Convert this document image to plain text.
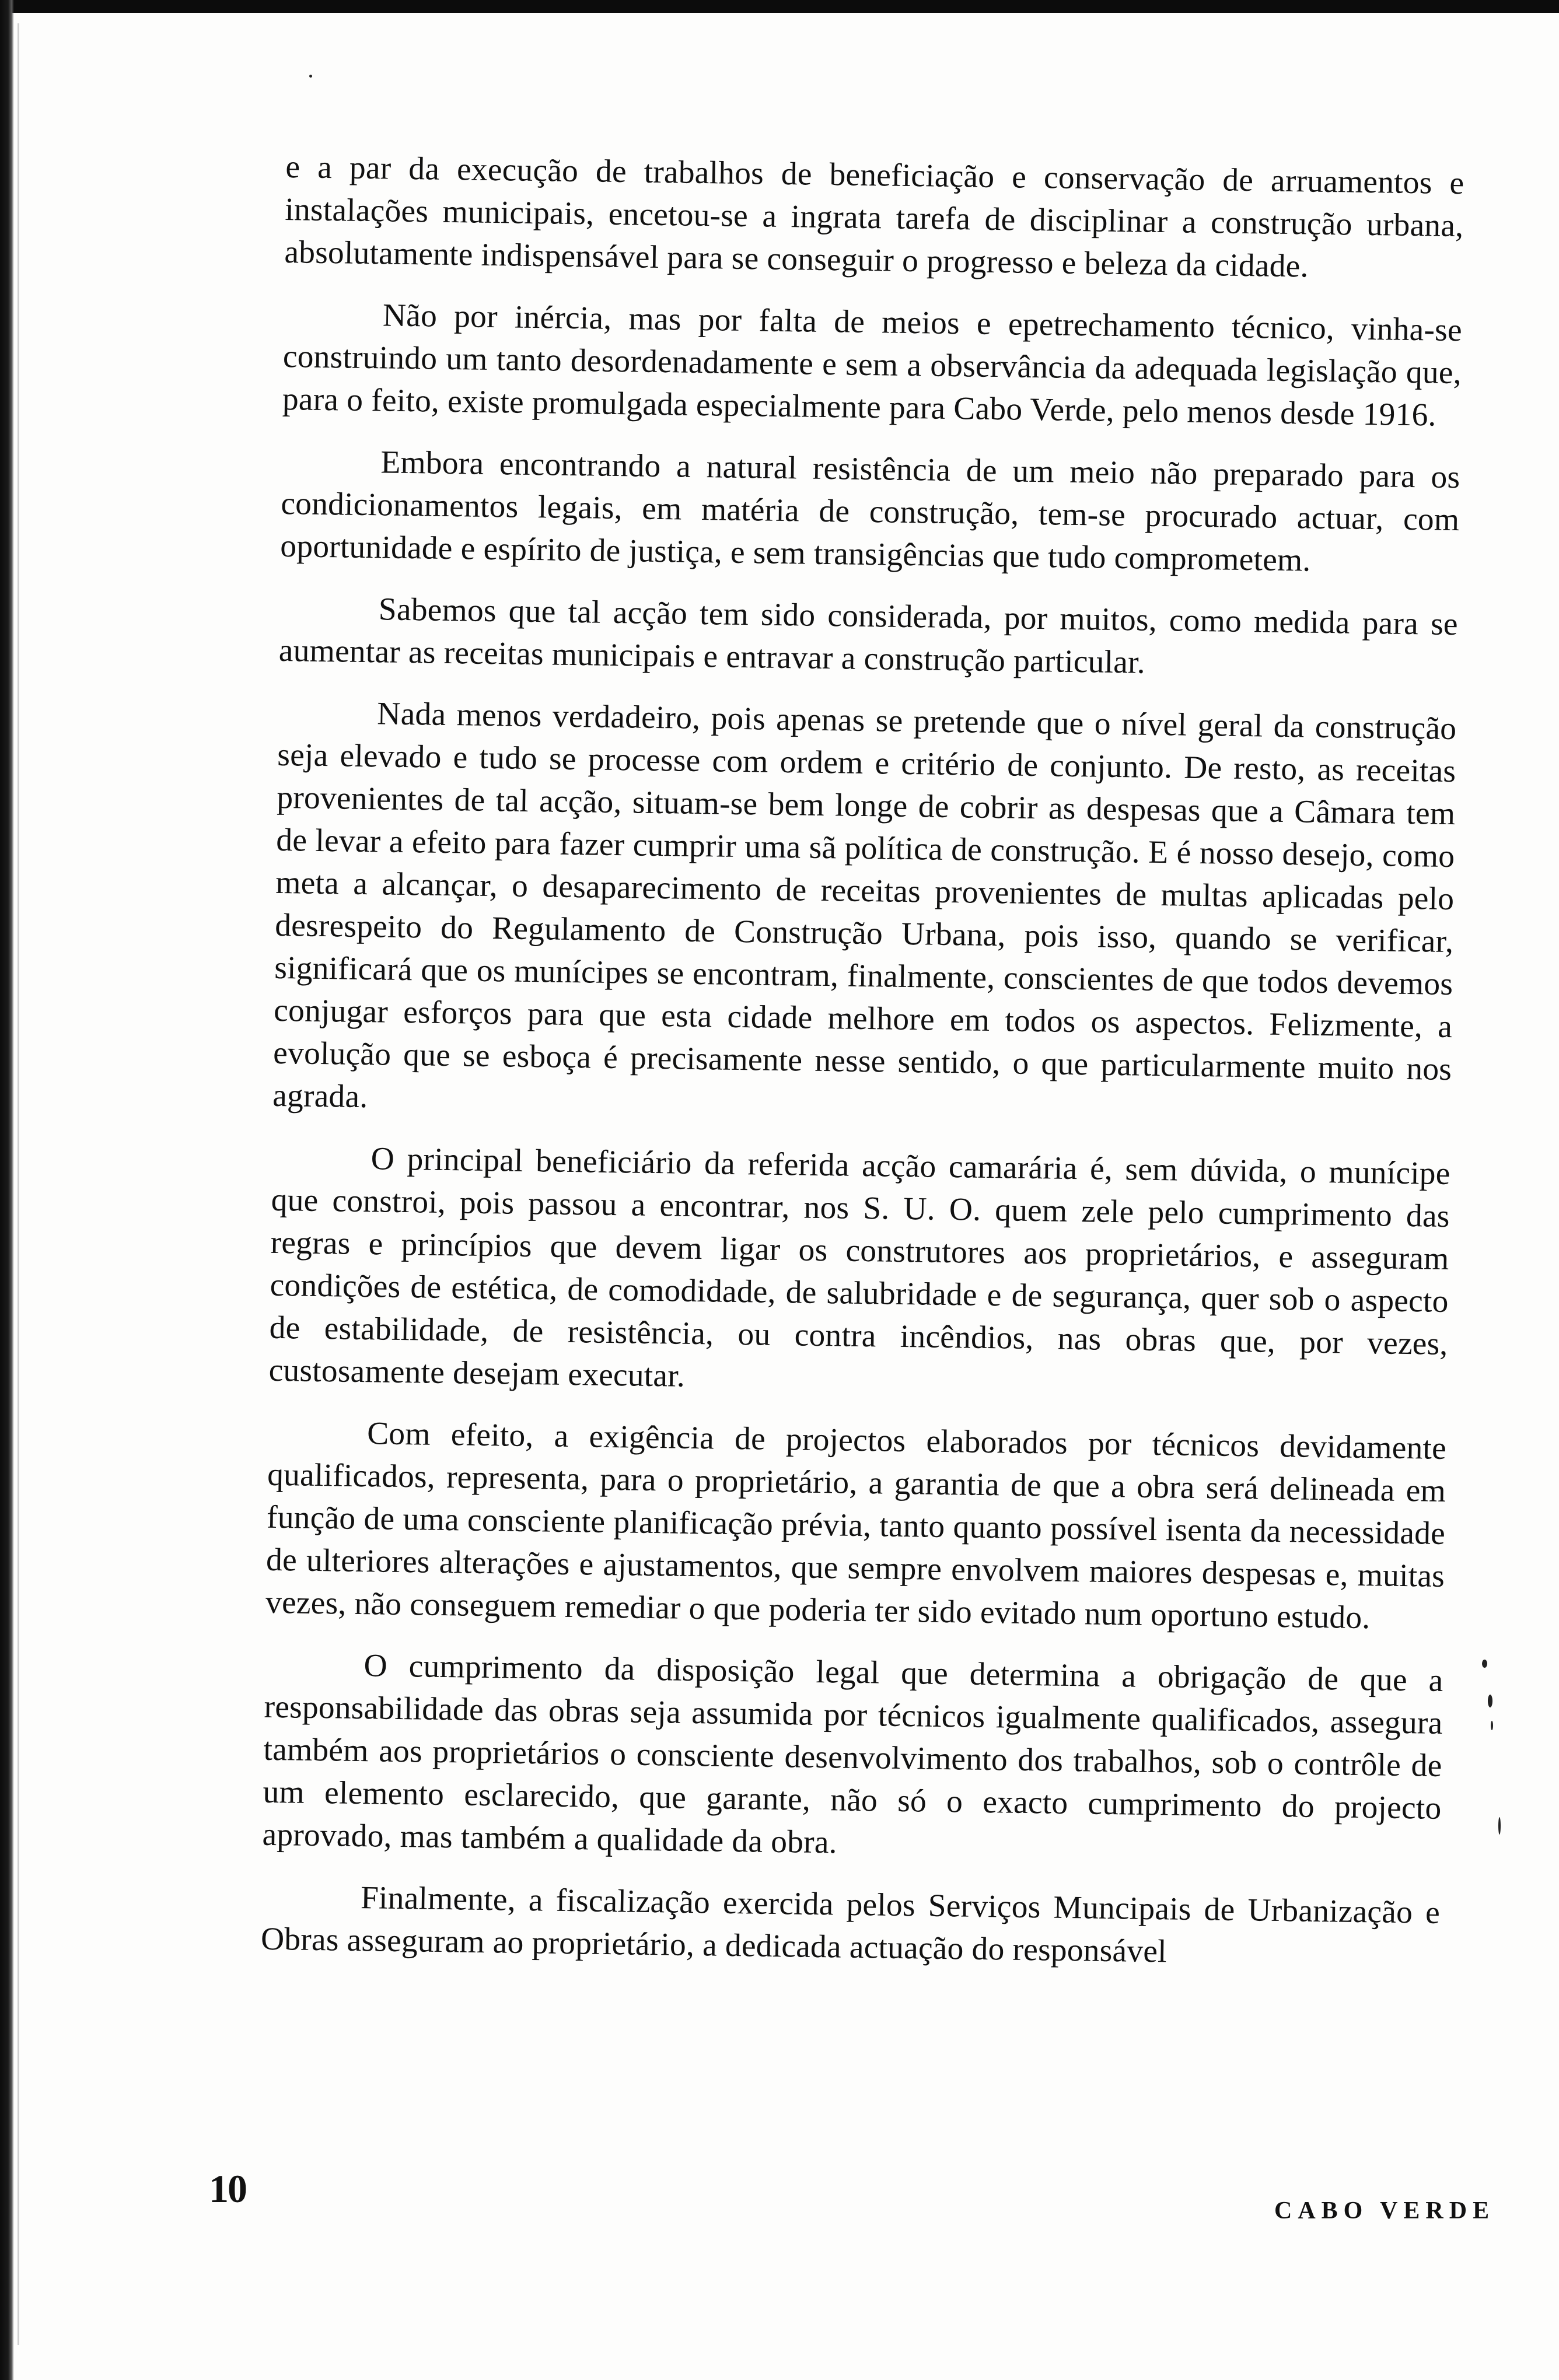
e a par da execução de trabalhos de beneficiação e conservação de arruamentos e instalações municipais, encetou-se a ingrata tarefa de disciplinar a construção urbana, absolutamente indispensável para se conseguir o progresso e beleza da cidade.

Não por inércia, mas por falta de meios e epetrechamento técnico, vinha-se construindo um tanto desordenadamente e sem a observância da adequada legislação que, para o feito, existe promulgada especialmente para Cabo Verde, pelo menos desde 1916.

Embora encontrando a natural resistência de um meio não preparado para os condicionamentos legais, em matéria de construção, tem-se procurado actuar, com oportunidade e espírito de justiça, e sem transigências que tudo comprometem.

Sabemos que tal acção tem sido considerada, por muitos, como medida para se aumentar as receitas municipais e entravar a construção particular.

Nada menos verdadeiro, pois apenas se pretende que o nível geral da construção seja elevado e tudo se processe com ordem e critério de conjunto. De resto, as receitas provenientes de tal acção, situam-se bem longe de cobrir as despesas que a Câmara tem de levar a efeito para fazer cumprir uma sã política de construção. E é nosso desejo, como meta a alcançar, o desaparecimento de receitas provenientes de multas aplicadas pelo desrespeito do Regulamento de Construção Urbana, pois isso, quando se verificar, significará que os munícipes se encontram, finalmente, conscientes de que todos devemos conjugar esforços para que esta cidade melhore em todos os aspectos. Felizmente, a evolução que se esboça é precisamente nesse sentido, o que particularmente muito nos agrada.

O principal beneficiário da referida acção camarária é, sem dúvida, o munícipe que constroi, pois passou a encontrar, nos S. U. O. quem zele pelo cumprimento das regras e princípios que devem ligar os construtores aos proprietários, e asseguram condições de estética, de comodidade, de salubridade e de segurança, quer sob o aspecto de estabilidade, de resistência, ou contra incêndios, nas obras que, por vezes, custosamente desejam executar.

Com efeito, a exigência de projectos elaborados por técnicos devidamente qualificados, representa, para o proprietário, a garantia de que a obra será delineada em função de uma consciente planificação prévia, tanto quanto possível isenta da necessidade de ulteriores alterações e ajustamentos, que sempre envolvem maiores despesas e, muitas vezes, não conseguem remediar o que poderia ter sido evitado num oportuno estudo.

O cumprimento da disposição legal que determina a obrigação de que a responsabilidade das obras seja assumida por técnicos igualmente qualificados, assegura também aos proprietários o consciente desenvolvimento dos trabalhos, sob o contrôle de um elemento esclarecido, que garante, não só o exacto cumprimento do projecto aprovado, mas também a qualidade da obra.

Finalmente, a fiscalização exercida pelos Serviços Muncipais de Urbanização e Obras asseguram ao proprietário, a dedicada actuação do responsável

10	CABO VERDE
